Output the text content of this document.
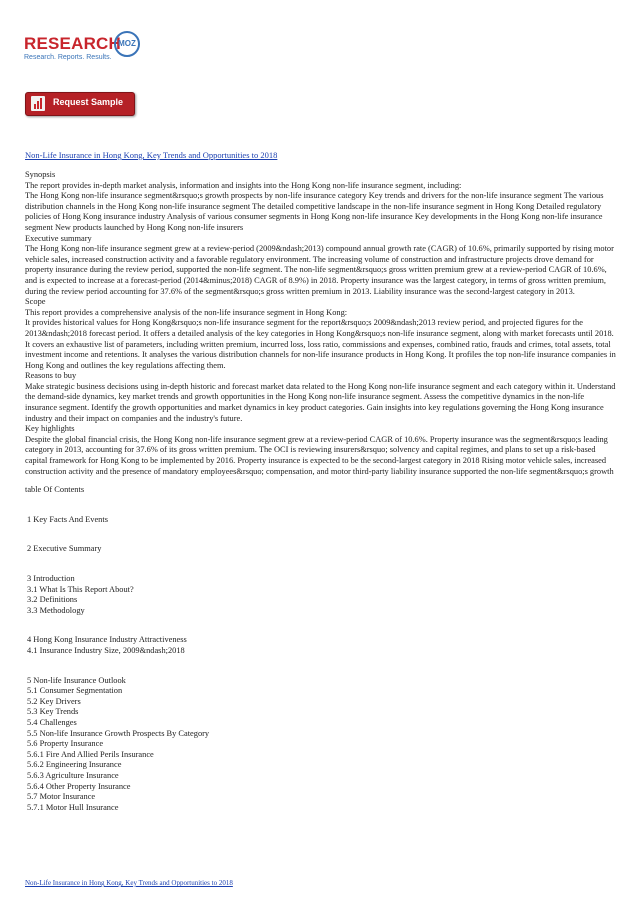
RESEARCH
MOZ
Research. Reports. Results.
Request Sample
Non-Life Insurance in Hong Kong, Key Trends and Opportunities to 2018

Synopsis

The report provides in-depth market analysis, information and insights into the Hong Kong non-life insurance segment, including:

The Hong Kong non-life insurance segment&rsquo;s growth prospects by non-life insurance category Key trends and drivers for the non-life insurance segment The various distribution channels in the Hong Kong non-life insurance segment The detailed competitive landscape in the non-life insurance segment in Hong Kong Detailed regulatory policies of Hong Kong insurance industry Analysis of various consumer segments in Hong Kong non-life insurance Key developments in the Hong Kong non-life insurance segment New products launched by Hong Kong non-life insurers

Executive summary

The Hong Kong non-life insurance segment grew at a review-period (2009&ndash;2013) compound annual growth rate (CAGR) of 10.6%, primarily supported by rising motor vehicle sales, increased construction activity and a favorable regulatory environment. The increasing volume of construction and infrastructure projects drove demand for property insurance during the review period, supported the non-life segment. The non-life segment&rsquo;s gross written premium grew at a review-period CAGR of 10.6%, and is expected to increase at a forecast-period (2014&minus;2018) CAGR of 8.9%) in 2018. Property insurance was the largest category, in terms of gross written premium, during the review period accounting for 37.6% of the segment&rsquo;s gross written premium in 2013. Liability insurance was the second-largest category in 2013.

Scope

This report provides a comprehensive analysis of the non-life insurance segment in Hong Kong:

It provides historical values for Hong Kong&rsquo;s non-life insurance segment for the report&rsquo;s 2009&ndash;2013 review period, and projected figures for the 2013&ndash;2018 forecast period. It offers a detailed analysis of the key categories in Hong Kong&rsquo;s non-life insurance segment, along with market forecasts until 2018. It covers an exhaustive list of parameters, including written premium, incurred loss, loss ratio, commissions and expenses, combined ratio, frauds and crimes, total assets, total investment income and retentions. It analyses the various distribution channels for non-life insurance products in Hong Kong. It profiles the top non-life insurance companies in Hong Kong and outlines the key regulations affecting them.

Reasons to buy

Make strategic business decisions using in-depth historic and forecast market data related to the Hong Kong non-life insurance segment and each category within it. Understand the demand-side dynamics, key market trends and growth opportunities in the Hong Kong non-life insurance segment. Assess the competitive dynamics in the non-life insurance segment. Identify the growth opportunities and market dynamics in key product categories. Gain insights into key regulations governing the Hong Kong insurance industry and their impact on companies and the industry's future.

Key highlights

Despite the global financial crisis, the Hong Kong non-life insurance segment grew at a review-period CAGR of 10.6%. Property insurance was the segment&rsquo;s leading category in 2013, accounting for 37.6% of its gross written premium. The OCI is reviewing insurers&rsquo; solvency and capital regimes, and plans to set up a risk-based capital framework for Hong Kong to be implemented by 2016. Property insurance is expected to be the second-largest category in 2018 Rising motor vehicle sales, increased construction activity and the presence of mandatory employees&rsquo; compensation, and motor third-party liability insurance supported the non-life segment&rsquo;s growth

table Of Contents

1 Key Facts And Events
2 Executive Summary
3 Introduction
3.1 What Is This Report About?
3.2 Definitions
3.3 Methodology
4 Hong Kong Insurance Industry Attractiveness
4.1 Insurance Industry Size, 2009&ndash;2018
5 Non-life Insurance Outlook
5.1 Consumer Segmentation
5.2 Key Drivers
5.3 Key Trends
5.4 Challenges
5.5 Non-life Insurance Growth Prospects By Category
5.6 Property Insurance
5.6.1 Fire And Allied Perils Insurance
5.6.2 Engineering Insurance
5.6.3 Agriculture Insurance
5.6.4 Other Property Insurance
5.7 Motor Insurance
5.7.1 Motor Hull Insurance
Non-Life Insurance in Hong Kong, Key Trends and Opportunities to 2018
